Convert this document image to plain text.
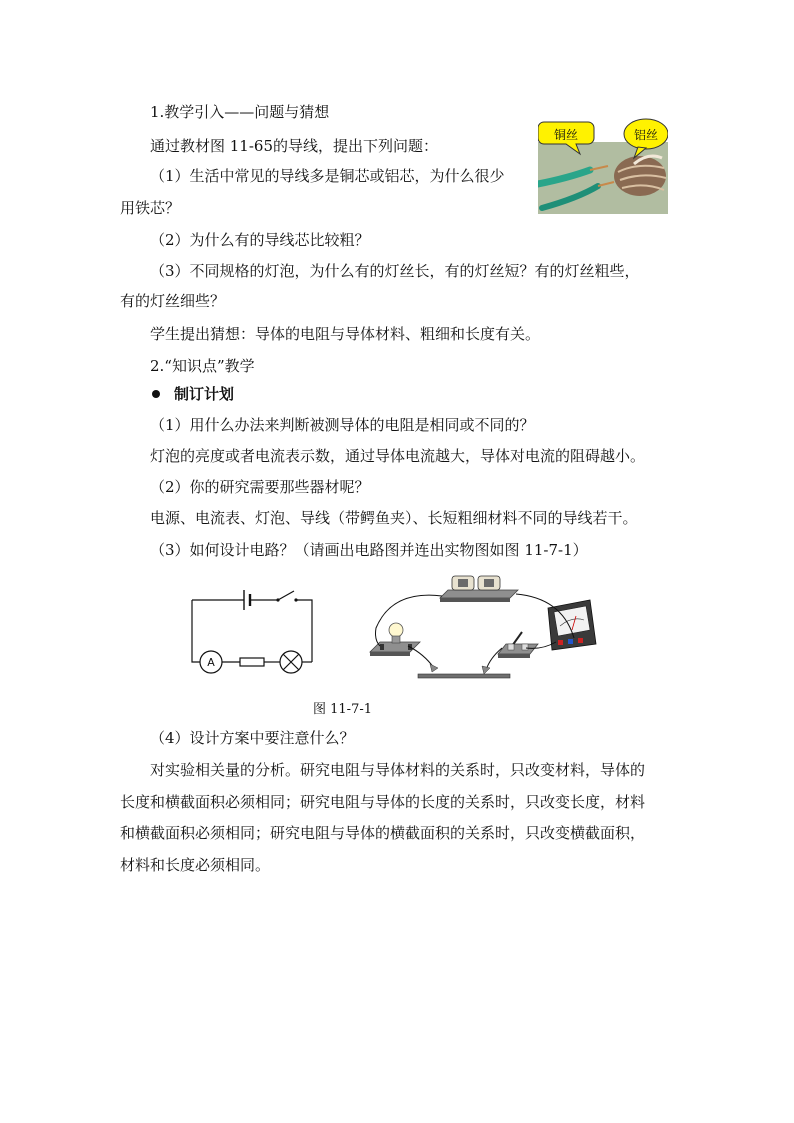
1.教学引入——问题与猜想
通过教材图 11-65的导线，提出下列问题：
（1）生活中常见的导线多是铜芯或铝芯，为什么很少
用铁芯？
（2）为什么有的导线芯比较粗？
（3）不同规格的灯泡，为什么有的灯丝长，有的灯丝短？有的灯丝粗些，
有的灯丝细些？
学生提出猜想：导体的电阻与导体材料、粗细和长度有关。
2.“知识点”教学
制订计划
（1）用什么办法来判断被测导体的电阻是相同或不同的？
灯泡的亮度或者电流表示数，通过导体电流越大，导体对电流的阻碍越小。
（2）你的研究需要那些器材呢？
电源、电流表、灯泡、导线（带鳄鱼夹）、长短粗细材料不同的导线若干。
（3）如何设计电路？（请画出电路图并连出实物图如图 11-7-1）
铜丝	铝丝
A
图 11-7-1
（4）设计方案中要注意什么？
对实验相关量的分析。研究电阻与导体材料的关系时，只改变材料，导体的
长度和横截面积必须相同；研究电阻与导体的长度的关系时，只改变长度，材料
和横截面积必须相同；研究电阻与导体的横截面积的关系时，只改变横截面积，
材料和长度必须相同。
